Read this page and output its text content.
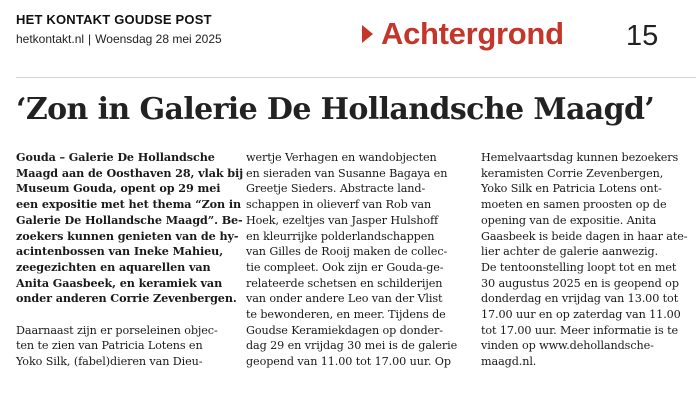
HET KONTAKT GOUDSE POST
hetkontakt.nl | Woensdag 28 mei 2025	Achtergrond 15
‘Zon in Galerie De Hollandsche Maagd’
Gouda – Galerie De Hollandsche
Maagd aan de Oosthaven 28, vlak bij
Museum Gouda, opent op 29 mei
een expositie met het thema “Zon in
Galerie De Hollandsche Maagd”. Be-
zoekers kunnen genieten van de hy-
acintenbossen van Ineke Mahieu,
zeegezichten en aquarellen van
Anita Gaasbeek, en keramiek van
onder anderen Corrie Zevenbergen.
Daarnaast zijn er porseleinen objec-
ten te zien van Patricia Lotens en
Yoko Silk, (fabel)dieren van Dieu-
wertje Verhagen en wandobjecten
en sieraden van Susanne Bagaya en
Greetje Sieders. Abstracte land-
schappen in olieverf van Rob van
Hoek, ezeltjes van Jasper Hulshoff
en kleurrijke polderlandschappen
van Gilles de Rooij maken de collec-
tie compleet. Ook zijn er Gouda-ge-
relateerde schetsen en schilderijen
van onder andere Leo van der Vlist
te bewonderen, en meer. Tijdens de
Goudse Keramiekdagen op donder-
dag 29 en vrijdag 30 mei is de galerie
geopend van 11.00 tot 17.00 uur. Op
Hemelvaartsdag kunnen bezoekers
keramisten Corrie Zevenbergen,
Yoko Silk en Patricia Lotens ont-
moeten en samen proosten op de
opening van de expositie. Anita
Gaasbeek is beide dagen in haar ate-
lier achter de galerie aanwezig.
De tentoonstelling loopt tot en met
30 augustus 2025 en is geopend op
donderdag en vrijdag van 13.00 tot
17.00 uur en op zaterdag van 11.00
tot 17.00 uur. Meer informatie is te
vinden op www.dehollandsche-
maagd.nl.
